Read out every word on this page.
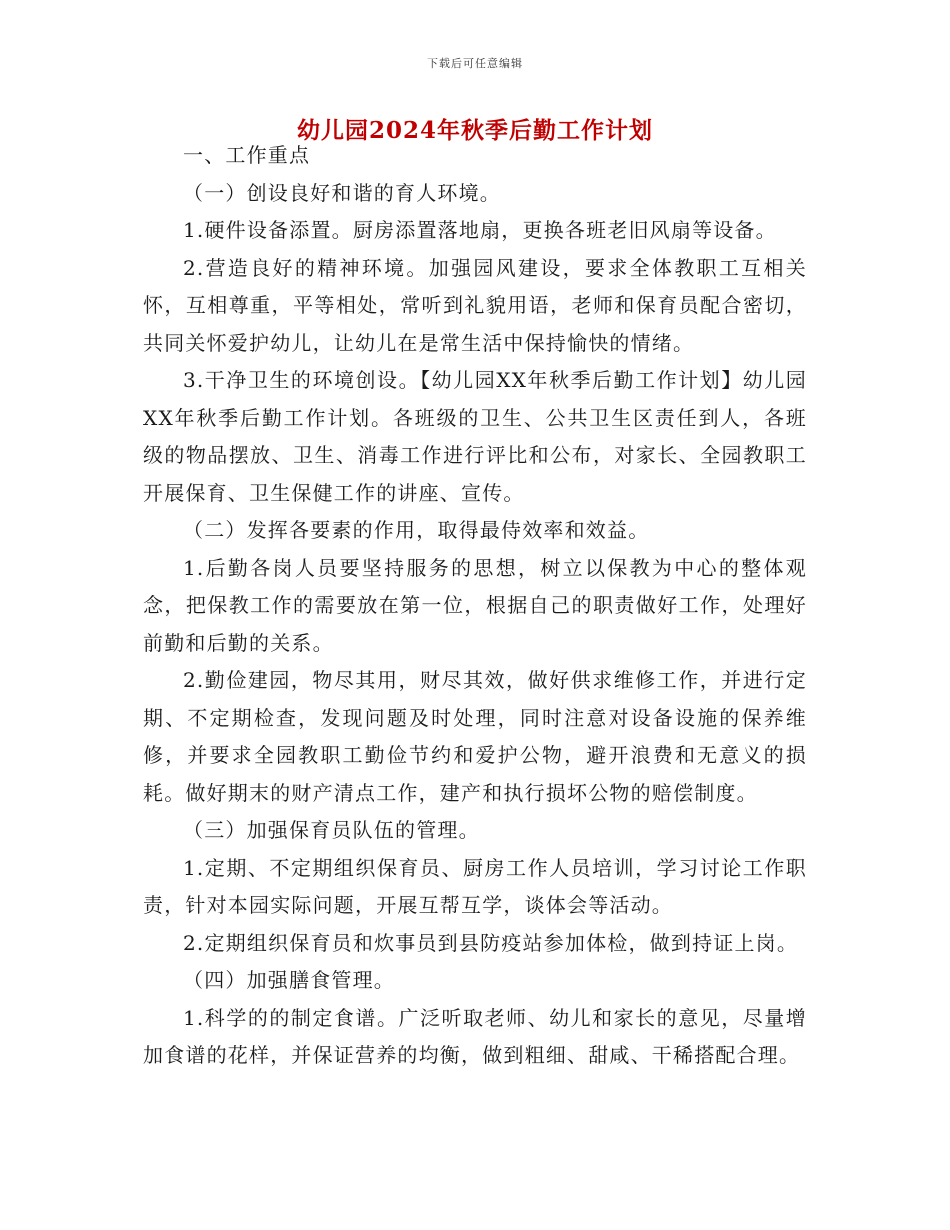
下载后可任意编辑
幼儿园2024年秋季后勤工作计划

一、工作重点

（一）创设良好和谐的育人环境。

1.硬件设备添置。厨房添置落地扇，更换各班老旧风扇等设备。

2.营造良好的精神环境。加强园风建设，要求全体教职工互相关怀，互相尊重，平等相处，常听到礼貌用语，老师和保育员配合密切，共同关怀爱护幼儿，让幼儿在是常生活中保持愉快的情绪。

3.干净卫生的环境创设。【幼儿园XX年秋季后勤工作计划】幼儿园XX年秋季后勤工作计划。各班级的卫生、公共卫生区责任到人，各班级的物品摆放、卫生、消毒工作进行评比和公布，对家长、全园教职工开展保育、卫生保健工作的讲座、宣传。

（二）发挥各要素的作用，取得最侍效率和效益。

1.后勤各岗人员要坚持服务的思想，树立以保教为中心的整体观念，把保教工作的需要放在第一位，根据自己的职责做好工作，处理好前勤和后勤的关系。

2.勤俭建园，物尽其用，财尽其效，做好供求维修工作，并进行定期、不定期检查，发现问题及时处理，同时注意对设备设施的保养维修，并要求全园教职工勤俭节约和爱护公物，避开浪费和无意义的损耗。做好期末的财产清点工作，建产和执行损坏公物的赔偿制度。

（三）加强保育员队伍的管理。

1.定期、不定期组织保育员、厨房工作人员培训，学习讨论工作职责，针对本园实际问题，开展互帮互学，谈体会等活动。

2.定期组织保育员和炊事员到县防疫站参加体检，做到持证上岗。

（四）加强膳食管理。

1.科学的的制定食谱。广泛听取老师、幼儿和家长的意见，尽量增加食谱的花样，并保证营养的均衡，做到粗细、甜咸、干稀搭配合理。
